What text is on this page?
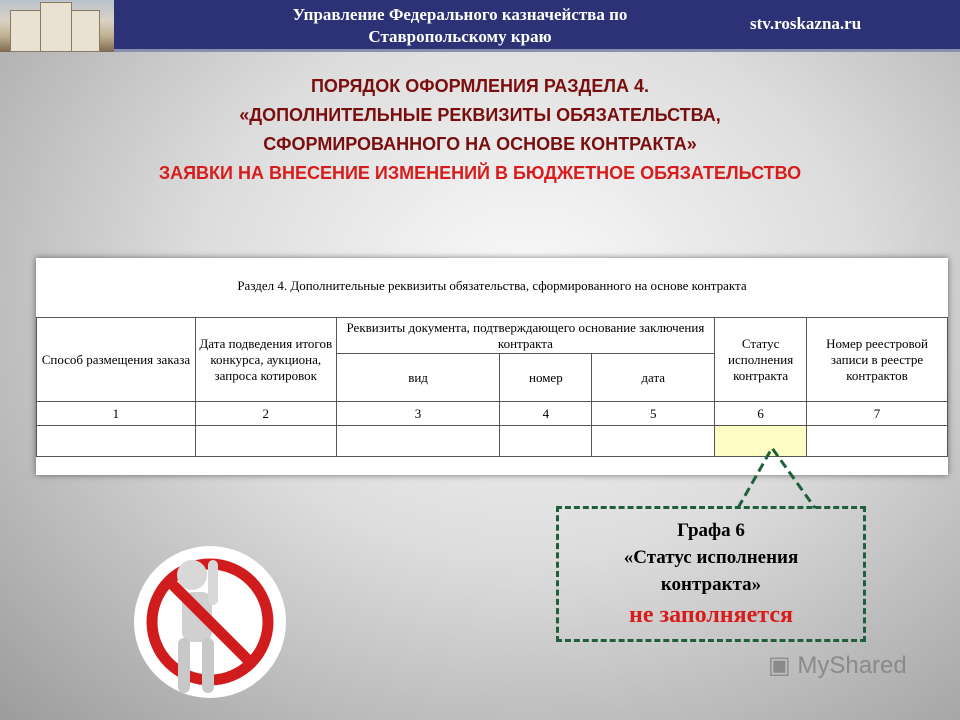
Управление Федерального казначейства по
Ставропольскому краю
stv.roskazna.ru
ПОРЯДОК ОФОРМЛЕНИЯ РАЗДЕЛА 4.
«ДОПОЛНИТЕЛЬНЫЕ РЕКВИЗИТЫ ОБЯЗАТЕЛЬСТВА,
СФОРМИРОВАННОГО НА ОСНОВЕ КОНТРАКТА»
ЗАЯВКИ НА ВНЕСЕНИЕ ИЗМЕНЕНИЙ В БЮДЖЕТНОЕ ОБЯЗАТЕЛЬСТВО
Раздел 4. Дополнительные реквизиты обязательства, сформированного на основе контракта
Способ размещения заказа	Дата подведения итогов конкурса, аукциона, запроса котировок	Реквизиты документа, подтверждающего основание заключения контракта			Статус исполнения контракта	Номер реестровой записи в реестре контрактов
		вид	номер	дата		
1	2	3	4	5	6	7

Графа 6
«Статус исполнения
контракта»
не заполняется
▣ MyShared
9
